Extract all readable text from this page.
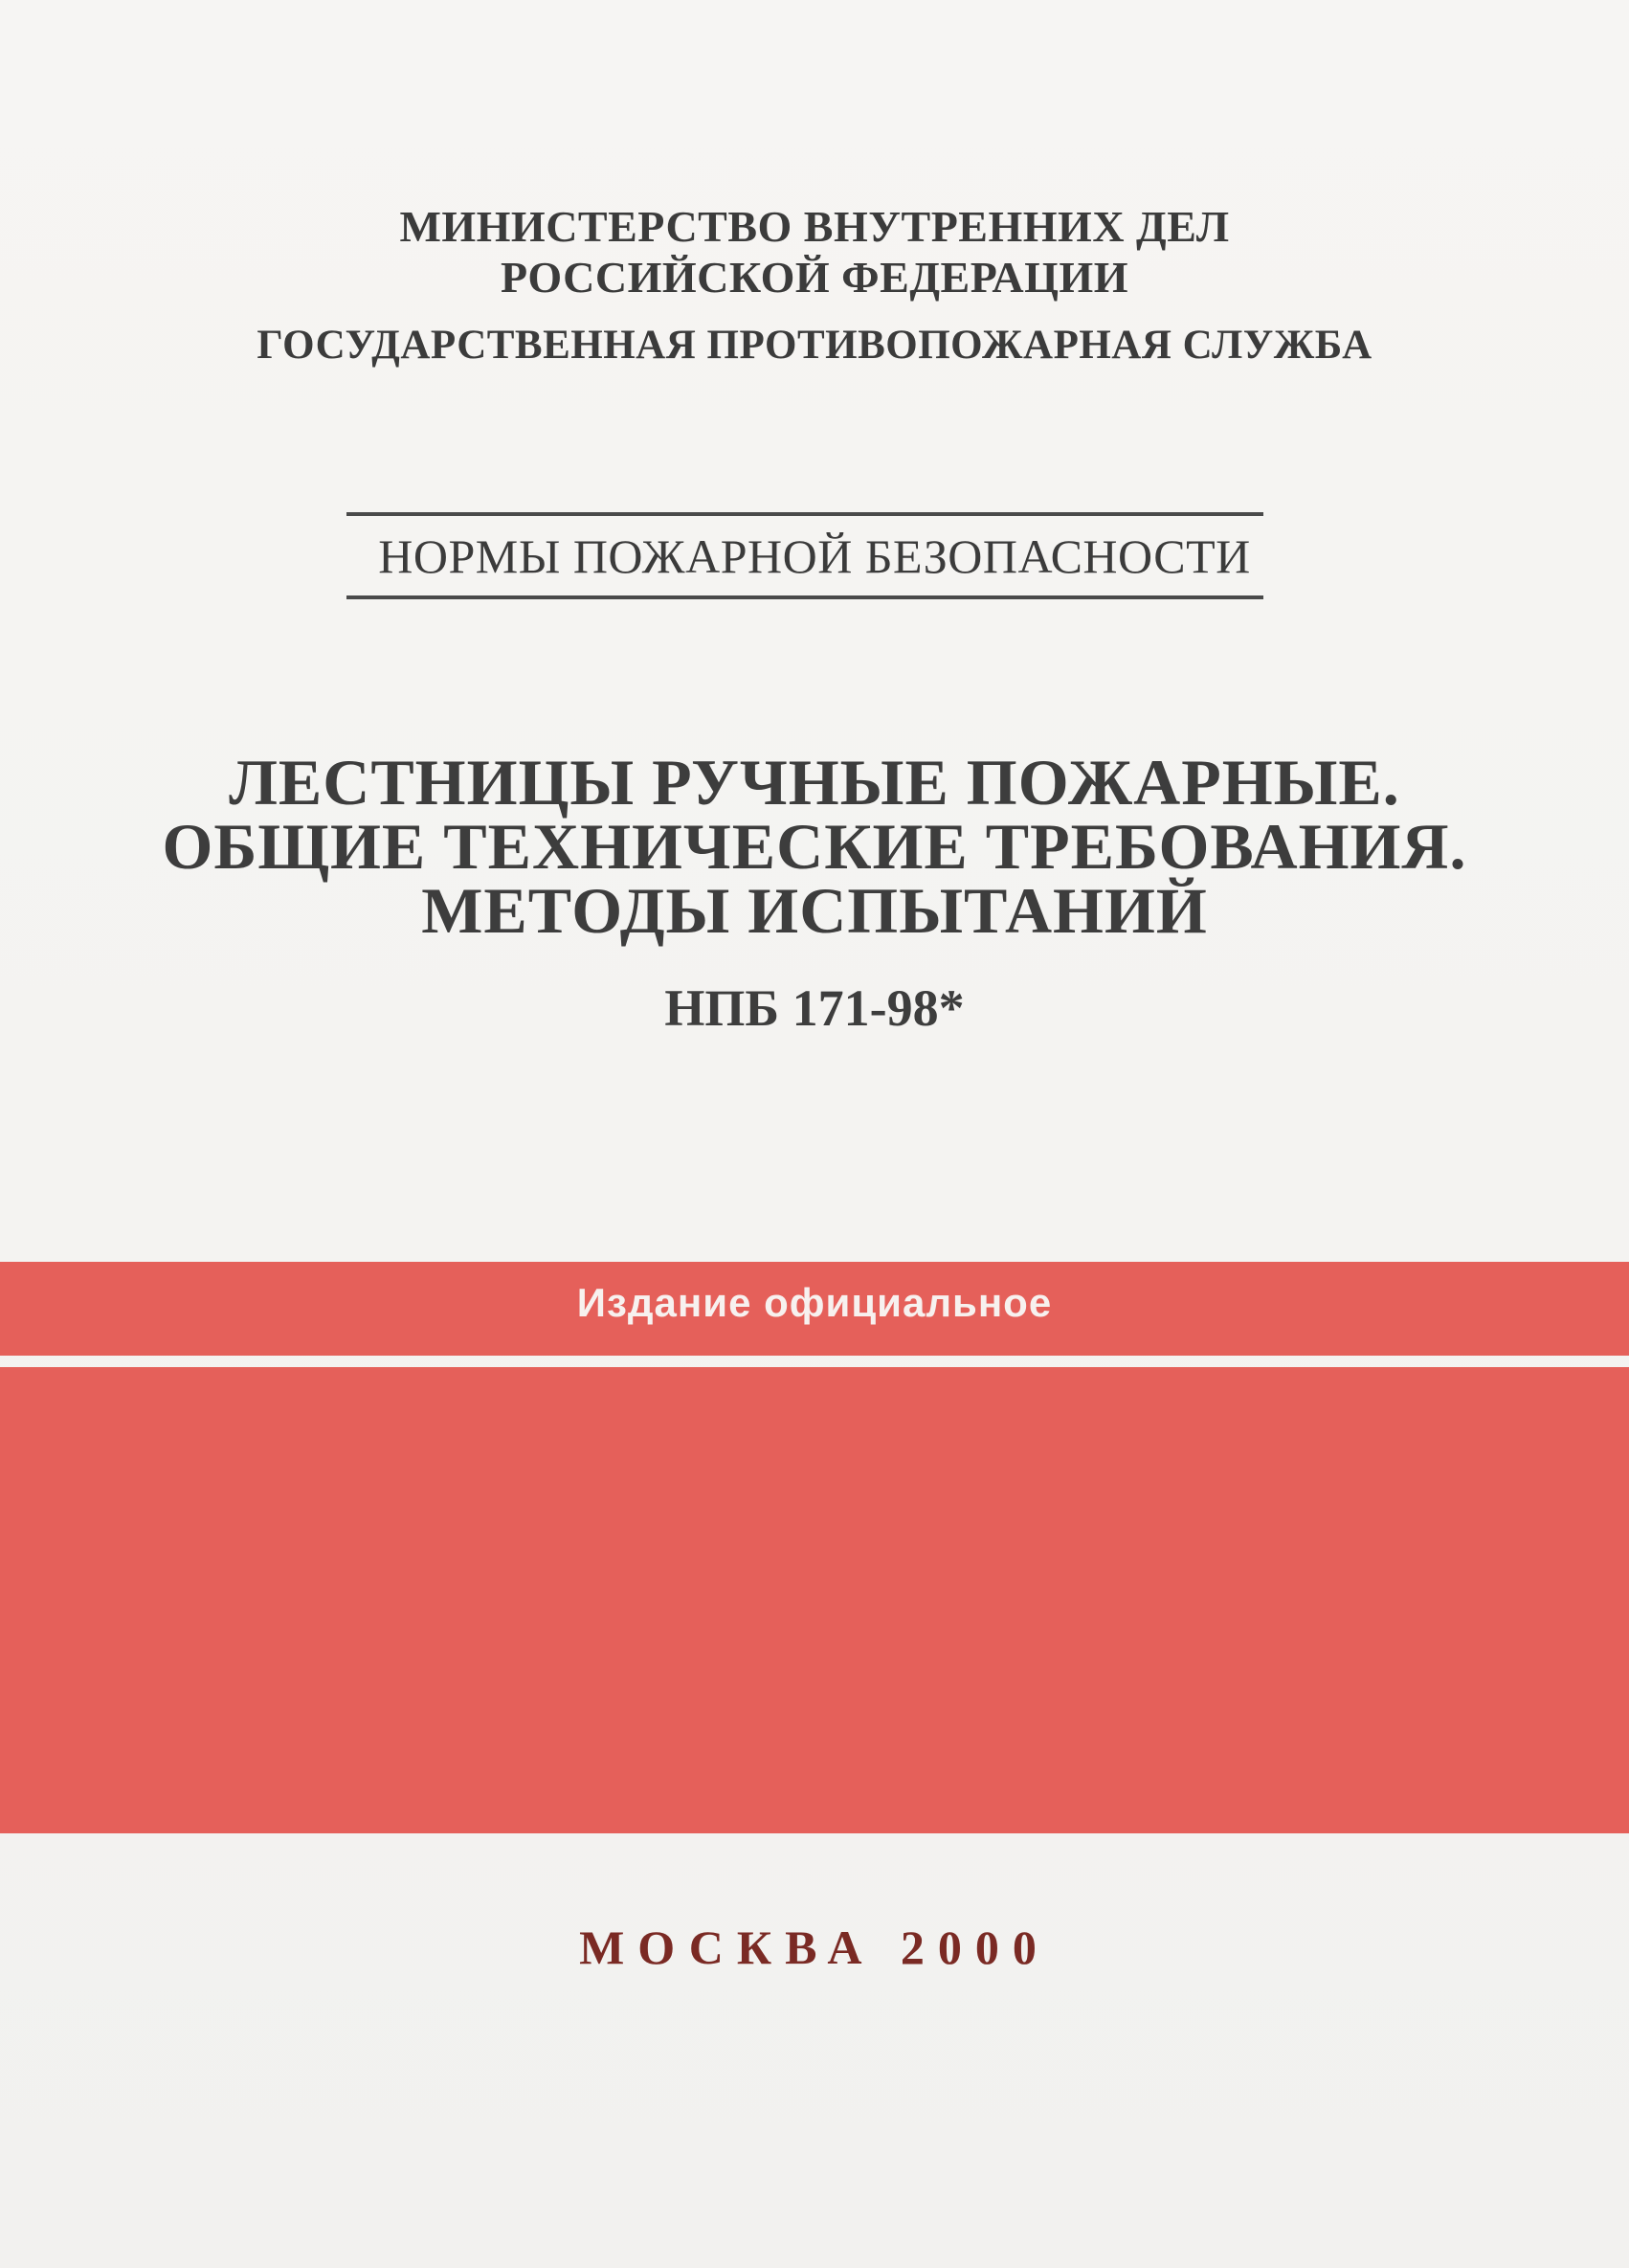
МИНИСТЕРСТВО ВНУТРЕННИХ ДЕЛ
РОССИЙСКОЙ ФЕДЕРАЦИИ
ГОСУДАРСТВЕННАЯ ПРОТИВОПОЖАРНАЯ СЛУЖБА
НОРМЫ ПОЖАРНОЙ БЕЗОПАСНОСТИ
ЛЕСТНИЦЫ РУЧНЫЕ ПОЖАРНЫЕ.
ОБЩИЕ ТЕХНИЧЕСКИЕ ТРЕБОВАНИЯ.
МЕТОДЫ ИСПЫТАНИЙ
НПБ 171-98*
Издание официальное
МОСКВА 2000
